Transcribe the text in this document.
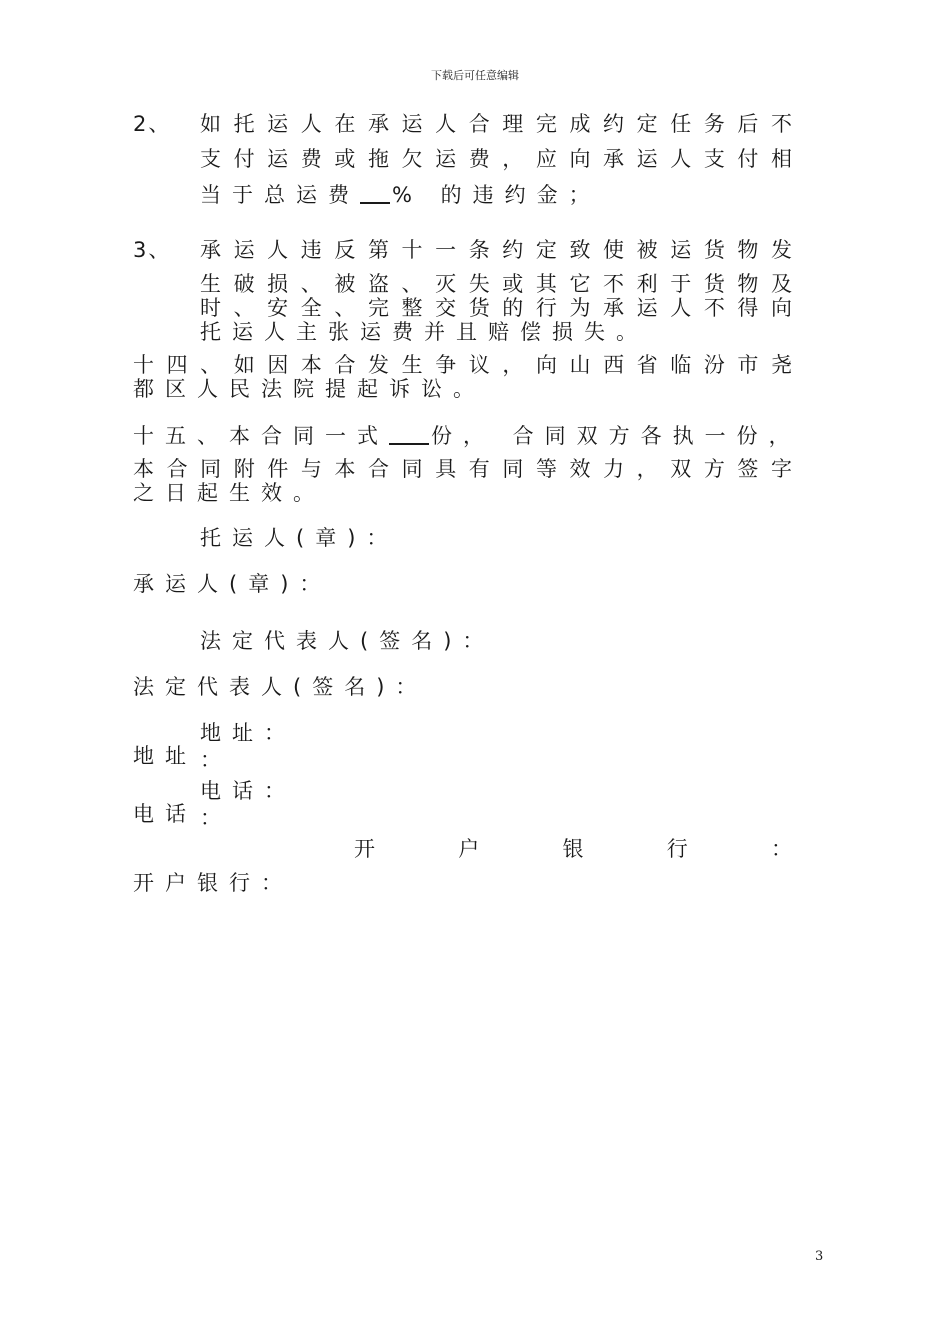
下载后可任意编辑
2、 如托运人在承运人合理完成约定任务后不
支付运费或拖欠运费，应向承运人支付相
当于总运费 % 的违约金；
3、 承运人违反第十一条约定致使被运货物发
生破损、被盗、灭失或其它不利于货物及
时、安全、完整交货的行为承运人不得向
托运人主张运费并且赔偿损失。
十四、如因本合发生争议，向山西省临汾市尧
都区人民法院提起诉讼。
十五、本合同一式 份， 合同双方各执一份，
本合同附件与本合同具有同等效力，双方签字
之日起生效。
托运人(章)：
承运人(章)：
法定代表人(签名)：
法定代表人(签名)：
地址：
地址 ：
电话：
电话 ：
开户银行：
开户银行：
3
